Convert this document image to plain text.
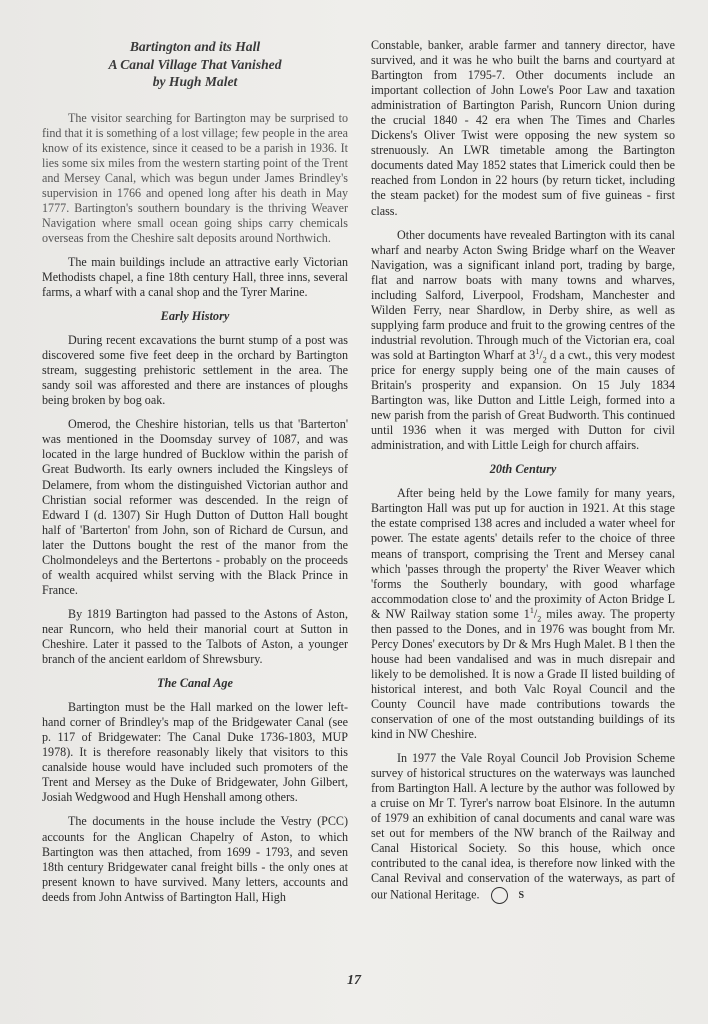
Bartington and its Hall
A Canal Village That Vanished
by Hugh Malet

The visitor searching for Bartington may be surprised to find that it is something of a lost village; few people in the area know of its existence, since it ceased to be a parish in 1936. It lies some six miles from the western starting point of the Trent and Mersey Canal, which was begun under James Brindley's supervision in 1766 and opened long after his death in May 1777. Bartington's southern boundary is the thriving Weaver Navigation where small ocean going ships carry chemicals overseas from the Cheshire salt deposits around Northwich.

The main buildings include an attractive early Victorian Methodists chapel, a fine 18th century Hall, three inns, several farms, a wharf with a canal shop and the Tyrer Marine.

Early History

During recent excavations the burnt stump of a post was discovered some five feet deep in the orchard by Bartington stream, suggesting prehistoric settlement in the area. The sandy soil was afforested and there are instances of ploughs being broken by bog oak.

Omerod, the Cheshire historian, tells us that 'Barterton' was mentioned in the Doomsday survey of 1087, and was located in the large hundred of Bucklow within the parish of Great Budworth. Its early owners included the Kingsleys of Delamere, from whom the distinguished Victorian author and Christian social reformer was descended. In the reign of Edward I (d. 1307) Sir Hugh Dutton of Dutton Hall bought half of 'Barterton' from John, son of Richard de Cursun, and later the Duttons bought the rest of the manor from the Cholmondeleys and the Bertertons - probably on the proceeds of wealth acquired whilst serving with the Black Prince in France.

By 1819 Bartington had passed to the Astons of Aston, near Runcorn, who held their manorial court at Sutton in Cheshire. Later it passed to the Talbots of Aston, a younger branch of the ancient earldom of Shrewsbury.

The Canal Age

Bartington must be the Hall marked on the lower left-hand corner of Brindley's map of the Bridgewater Canal (see p. 117 of Bridgewater: The Canal Duke 1736-1803, MUP 1978). It is therefore reasonably likely that visitors to this canalside house would have included such promoters of the Trent and Mersey as the Duke of Bridgewater, John Gilbert, Josiah Wedgwood and Hugh Henshall among others.

The documents in the house include the Vestry (PCC) accounts for the Anglican Chapelry of Aston, to which Bartington was then attached, from 1699 - 1793, and seven 18th century Bridgewater canal freight bills - the only ones at present known to have survived. Many letters, accounts and deeds from John Antwiss of Bartington Hall, High

Constable, banker, arable farmer and tannery director, have survived, and it was he who built the barns and courtyard at Bartington from 1795-7. Other documents include an important collection of John Lowe's Poor Law and taxation administration of Bartington Parish, Runcorn Union during the crucial 1840 - 42 era when The Times and Charles Dickens's Oliver Twist were opposing the new system so strenuously. An LWR timetable among the Bartington documents dated May 1852 states that Limerick could then be reached from London in 22 hours (by return ticket, including the steam packet) for the modest sum of five guineas - first class.

Other documents have revealed Bartington with its canal wharf and nearby Acton Swing Bridge wharf on the Weaver Navigation, was a significant inland port, trading by barge, flat and narrow boats with many towns and wharves, including Salford, Liverpool, Frodsham, Manchester and Wilden Ferry, near Shardlow, in Derby shire, as well as supplying farm produce and fruit to the growing centres of the industrial revolution. Through much of the Victorian era, coal was sold at Bartington Wharf at $3^1/_2$ d a cwt., this very modest price for energy supply being one of the main causes of Britain's prosperity and expansion. On 15 July 1834 Bartington was, like Dutton and Little Leigh, formed into a new parish from the parish of Great Budworth. This continued until 1936 when it was merged with Dutton for civil administration, and with Little Leigh for church affairs.

20th Century

After being held by the Lowe family for many years, Bartington Hall was put up for auction in 1921. At this stage the estate comprised 138 acres and included a water wheel for power. The estate agents' details refer to the choice of three means of transport, comprising the Trent and Mersey canal which 'passes through the property' the River Weaver which 'forms the Southerly boundary, with good wharfage accommodation close to' and the proximity of Acton Bridge L & NW Railway station some $1^1/_2$ miles away. The property then passed to the Dones, and in 1976 was bought from Mr. Percy Dones' executors by Dr & Mrs Hugh Malet. B l then the house had been vandalised and was in much disrepair and likely to be demolished. It is now a Grade II listed building of historical interest, and both Valc Royal Council and the County Council have made contributions towards the conservation of one of the most outstanding buildings of its kind in NW Cheshire.

In 1977 the Vale Royal Council Job Provision Scheme survey of historical structures on the waterways was launched from Bartington Hall. A lecture by the author was followed by a cruise on Mr T. Tyrer's narrow boat Elsinore. In the autumn of 1979 an exhibition of canal documents and canal ware was set out for members of the NW branch of the Railway and Canal Historical Society. So this house, which once contributed to the canal idea, is therefore now linked with the Canal Revival and conservation of the waterways, as part of our National Heritage.	S

17
